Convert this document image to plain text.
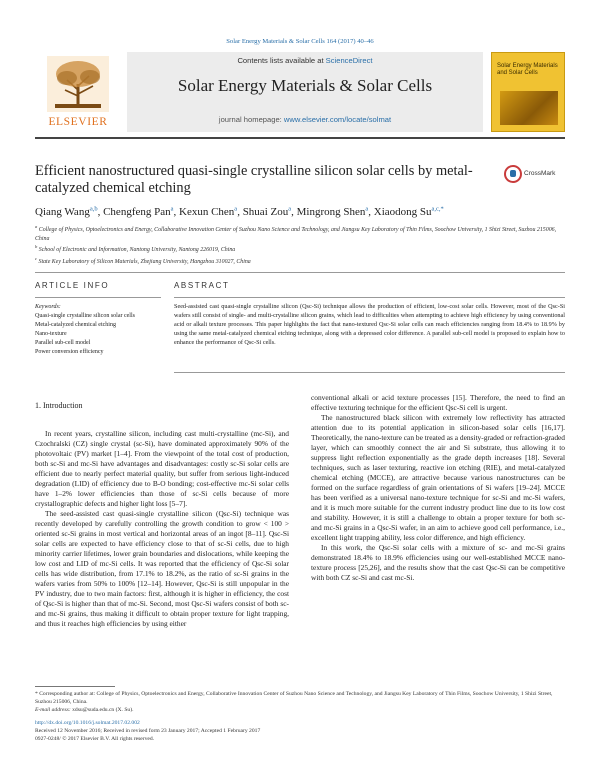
Solar Energy Materials & Solar Cells 164 (2017) 40–46
ELSEVIER
Contents lists available at ScienceDirect
Solar Energy Materials & Solar Cells
journal homepage: www.elsevier.com/locate/solmat
Solar Energy Materials and Solar Cells
Efficient nanostructured quasi-single crystalline silicon solar cells by metal-catalyzed chemical etching
CrossMark
Qiang Wang$^{a,b}$, Chengfeng Pan$^a$, Kexun Chen$^a$, Shuai Zou$^a$, Mingrong Shen$^a$, Xiaodong $Su^{a,c,*}$
$^a$ College of Physics, Optoelectronics and Energy, Collaborative Innovation Center of Suzhou Nano Science and Technology, and Jiangsu Key Laboratory of Thin Films, Soochow University, 1 Shizi Street, Suzhou 215006, China
$^b$ School of Electronic and Information, Nantong University, Nantong 226019, China
$^c$ State Key Laboratory of Silicon Materials, Zhejiang University, Hangzhou 310027, China
ARTICLE INFO	ABSTRACT
Keywords:
Quasi-single crystalline silicon solar cells
Metal-catalyzed chemical etching
Nano-texture
Parallel sub-cell model
Power conversion efficiency
Seed-assisted cast quasi-single crystalline silicon (Qsc-Si) technique allows the production of efficient, low-cost solar cells. However, most of the Qsc-Si wafers still consist of single- and multi-crystalline silicon grains, which lead to difficulties when attempting to achieve high efficiency by using conventional acid or alkali texture processes. This paper highlights the fact that nano-textured Qsc-Si solar cells can reach efficiencies ranging from 18.4% to 18.9% by using the same metal-catalyzed chemical etching technique, along with a depressed color difference. A parallel sub-cell model is proposed to explain how to enhance the performance of Qsc-Si cells.
1. Introduction

In recent years, crystalline silicon, including cast multi-crystalline (mc-Si), and Czochralski (CZ) single crystal (sc-Si), have dominated approximately 90% of the photovoltaic (PV) market [1–4]. From the viewpoint of the total cost of production, both sc-Si and mc-Si have advantages and disadvantages: costly sc-Si solar cells are efficient due to nearly perfect material quality, but suffer from serious light-induced degradation (LID) of efficiency due to B-O bonding; cost-effective mc-Si solar cells have 1–2% lower efficiencies than those of sc-Si cells because of more crystallographic defects and higher light loss [5–7].

The seed-assisted cast quasi-single crystalline silicon (Qsc-Si) technique was recently developed by carefully controlling the growth condition to grow < 100 > oriented sc-Si grains in most vertical and horizontal areas of an ingot [8–11]. Qsc-Si solar cells are expected to have efficiency close to that of sc-Si cells, due to high minority carrier lifetimes, lower grain boundaries and dislocations, while keeping the low cost and LID of mc-Si cells. It was reported that the efficiency of Qsc-Si solar cells has wide distribution, from 17.1% to 18.2%, as the ratio of sc-Si grains in the wafers varies from 50% to 100% [12–14]. However, Qsc-Si is still unpopular in the PV industry, due to two main factors: first, although it is higher in efficiency, the cost of Qsc-Si is higher than that of mc-Si. Second, most Qsc-Si wafers consist of both sc- and mc-Si grains, thus making it difficult to obtain proper texture for light trapping, and thus it reaches high efficiencies by using either

conventional alkali or acid texture processes [15]. Therefore, the need to find an effective texturing technique for the efficient Qsc-Si cell is urgent.

The nanostructured black silicon with extremely low reflectivity has attracted attention due to its potential application in silicon-based solar cells [16,17]. Theoretically, the nano-texture can be treated as a density-graded or refraction-graded layer, which can smoothly connect the air and Si substrate, thus allowing it to suppress light reflection exponentially as the grade depth increases [18]. Several techniques, such as laser texturing, reactive ion etching (RIE), and metal-catalyzed chemical etching (MCCE), are attractive because various nanostructures can be formed on the surface regardless of grain orientations of Si wafers [19–24]. MCCE has been verified as a universal nano-texture technique for sc-Si and mc-Si wafers, and it is much more suitable for the current industry product line due to its low cost and stability. However, it is still a challenge to obtain a proper texture for both sc- and mc-Si grains in a Qsc-Si wafer, in an aim to achieve good cell performance, i.e., excellent light trapping ability, less color difference, and high efficiency.

In this work, the Qsc-Si solar cells with a mixture of sc- and mc-Si grains demonstrated 18.4% to 18.9% efficiencies using our well-established MCCE nano-texture process [25,26], and the results show that the cast Qsc-Si can be competitive with both CZ sc-Si and cast mc-Si.

* Corresponding author at: College of Physics, Optoelectronics and Energy, Collaborative Innovation Center of Suzhou Nano Science and Technology, and Jiangsu Key Laboratory of Thin Films, Soochow University, 1 Shizi Street, Suzhou 215006, China.
E-mail address: xdsu@suda.edu.cn (X. Su).
http://dx.doi.org/10.1016/j.solmat.2017.02.002
Received 12 November 2016; Received in revised form 23 January 2017; Accepted 1 February 2017
0927-0248/ © 2017 Elsevier B.V. All rights reserved.
